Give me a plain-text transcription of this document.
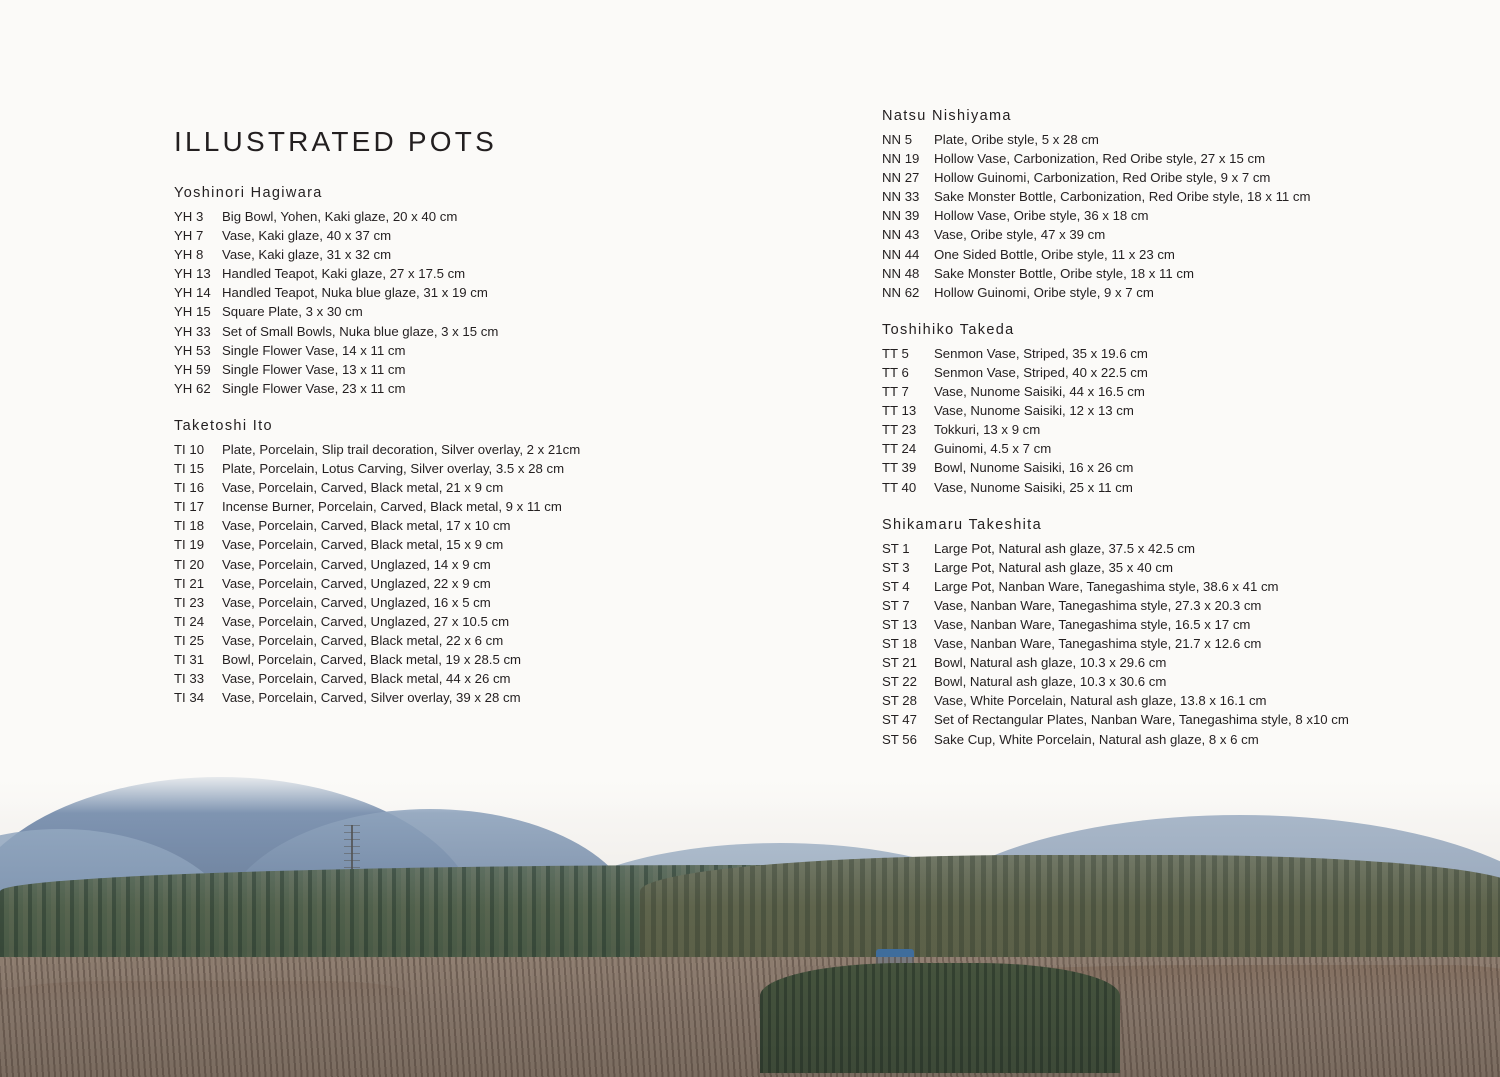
ILLUSTRATED POTS
Yoshinori Hagiwara
YH 3 Big Bowl, Yohen, Kaki glaze, 20 x 40 cm
YH 7 Vase, Kaki glaze, 40 x 37 cm
YH 8 Vase, Kaki glaze, 31 x 32 cm
YH 13 Handled Teapot, Kaki glaze, 27 x 17.5 cm
YH 14 Handled Teapot, Nuka blue glaze, 31 x 19 cm
YH 15 Square Plate, 3 x 30 cm
YH 33 Set of Small Bowls, Nuka blue glaze, 3 x 15 cm
YH 53 Single Flower Vase, 14 x 11 cm
YH 59 Single Flower Vase, 13 x 11 cm
YH 62 Single Flower Vase, 23 x 11 cm
Taketoshi Ito
TI 10 Plate, Porcelain, Slip trail decoration, Silver overlay, 2 x 21cm
TI 15 Plate, Porcelain, Lotus Carving, Silver overlay, 3.5 x 28 cm
TI 16 Vase, Porcelain, Carved, Black metal, 21 x 9 cm
TI 17 Incense Burner, Porcelain, Carved, Black metal, 9 x 11 cm
TI 18 Vase, Porcelain, Carved, Black metal, 17 x 10 cm
TI 19 Vase, Porcelain, Carved, Black metal, 15 x 9 cm
TI 20 Vase, Porcelain, Carved, Unglazed, 14 x 9 cm
TI 21 Vase, Porcelain, Carved, Unglazed, 22 x 9 cm
TI 23 Vase, Porcelain, Carved, Unglazed, 16 x 5 cm
TI 24 Vase, Porcelain, Carved, Unglazed, 27 x 10.5 cm
TI 25 Vase, Porcelain, Carved, Black metal, 22 x 6 cm
TI 31 Bowl, Porcelain, Carved, Black metal, 19 x 28.5 cm
TI 33 Vase, Porcelain, Carved, Black metal, 44 x 26 cm
TI 34 Vase, Porcelain, Carved, Silver overlay, 39 x 28 cm
Natsu Nishiyama
NN 5 Plate, Oribe style, 5 x 28 cm
NN 19 Hollow Vase, Carbonization, Red Oribe style, 27 x 15 cm
NN 27 Hollow Guinomi, Carbonization, Red Oribe style, 9 x 7 cm
NN 33 Sake Monster Bottle, Carbonization, Red Oribe style, 18 x 11 cm
NN 39 Hollow Vase, Oribe style, 36 x 18 cm
NN 43 Vase, Oribe style, 47 x 39 cm
NN 44 One Sided Bottle, Oribe style, 11 x 23 cm
NN 48 Sake Monster Bottle, Oribe style, 18 x 11 cm
NN 62 Hollow Guinomi, Oribe style, 9 x 7 cm
Toshihiko Takeda
TT 5 Senmon Vase, Striped, 35 x 19.6 cm
TT 6 Senmon Vase, Striped, 40 x 22.5 cm
TT 7 Vase, Nunome Saisiki, 44 x 16.5 cm
TT 13 Vase, Nunome Saisiki, 12 x 13 cm
TT 23 Tokkuri, 13 x 9 cm
TT 24 Guinomi, 4.5 x 7 cm
TT 39 Bowl, Nunome Saisiki, 16 x 26 cm
TT 40 Vase, Nunome Saisiki, 25 x 11 cm
Shikamaru Takeshita
ST 1 Large Pot, Natural ash glaze, 37.5 x 42.5 cm
ST 3 Large Pot, Natural ash glaze, 35 x 40 cm
ST 4 Large Pot, Nanban Ware, Tanegashima style, 38.6 x 41 cm
ST 7 Vase, Nanban Ware, Tanegashima style, 27.3 x 20.3 cm
ST 13 Vase, Nanban Ware, Tanegashima style, 16.5 x 17 cm
ST 18 Vase, Nanban Ware, Tanegashima style, 21.7 x 12.6 cm
ST 21 Bowl, Natural ash glaze, 10.3 x 29.6 cm
ST 22 Bowl, Natural ash glaze, 10.3 x 30.6 cm
ST 28 Vase, White Porcelain, Natural ash glaze, 13.8 x 16.1 cm
ST 47 Set of Rectangular Plates, Nanban Ware, Tanegashima style, 8 x10 cm
ST 56 Sake Cup, White Porcelain, Natural ash glaze, 8 x 6 cm
